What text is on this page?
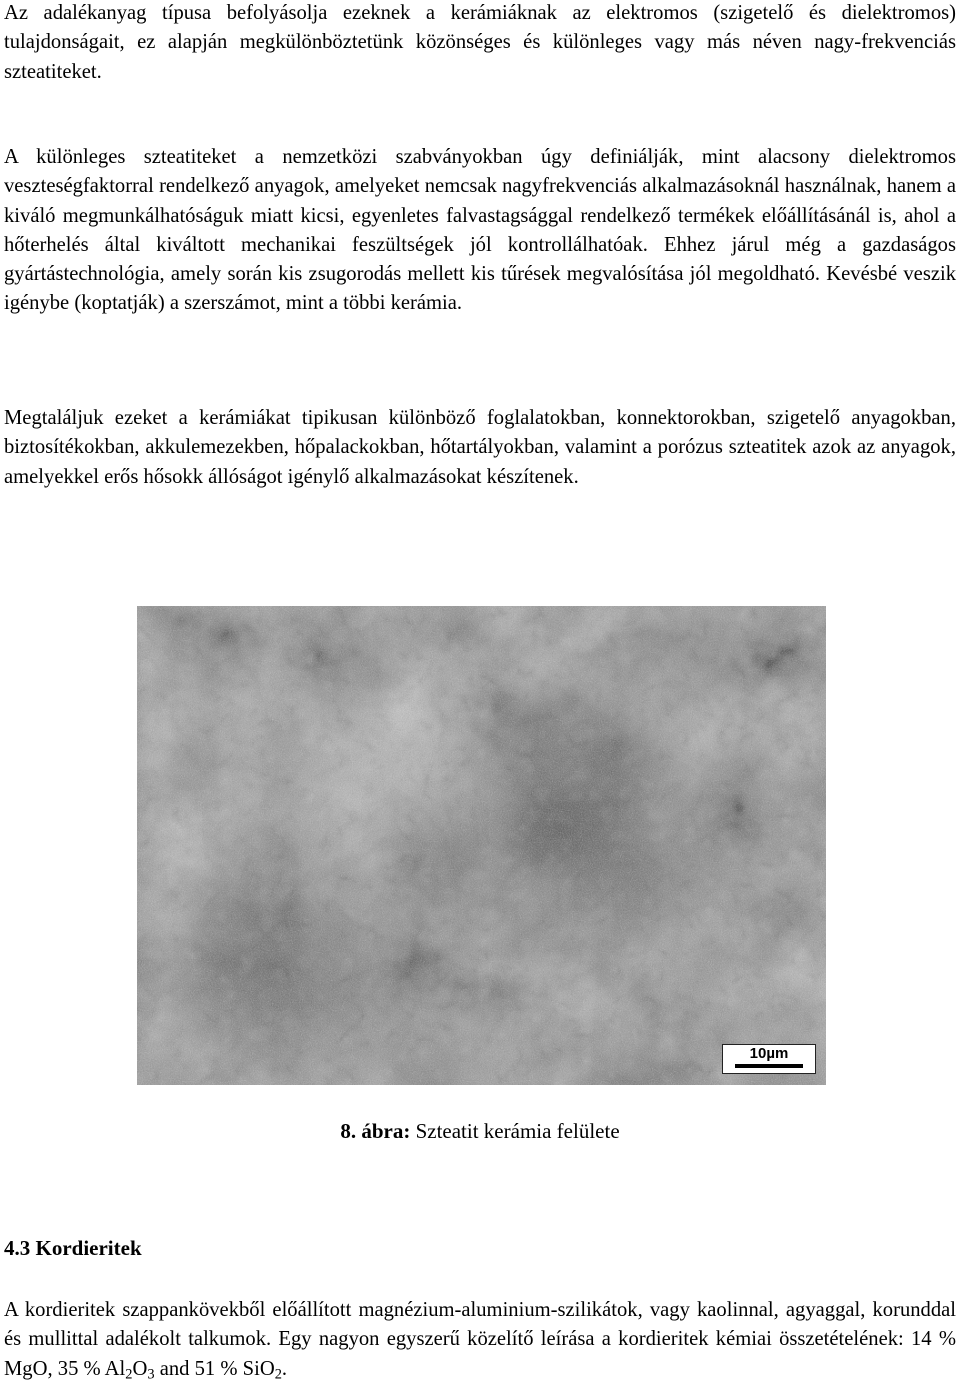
Az adalékanyag típusa befolyásolja ezeknek a kerámiáknak az elektromos (szigetelő és dielektromos) tulajdonságait, ez alapján megkülönböztetünk közönséges és különleges vagy más néven nagy-frekvenciás szteatiteket.

A különleges szteatiteket a nemzetközi szabványokban úgy definiálják, mint alacsony dielektromos veszteségfaktorral rendelkező anyagok, amelyeket nemcsak nagyfrekvenciás alkalmazásoknál használnak, hanem a kiváló megmunkálhatóságuk miatt kicsi, egyenletes falvastagsággal rendelkező termékek előállításánál is, ahol a hőterhelés által kiváltott mechanikai feszültségek jól kontrollálhatóak. Ehhez járul még a gazdaságos gyártástechnológia, amely során kis zsugorodás mellett kis tűrések megvalósítása jól megoldható. Kevésbé veszik igénybe (koptatják) a szerszámot, mint a többi kerámia.

Megtaláljuk ezeket a kerámiákat tipikusan különböző foglalatokban, konnektorokban, szigetelő anyagokban, biztosítékokban, akkulemezekben, hőpalackokban, hőtartályokban, valamint a porózus szteatitek azok az anyagok, amelyekkel erős hősokk állóságot igénylő alkalmazásokat készítenek.

10µm
8. ábra: Szteatit kerámia felülete
4.3 Kordieritek

A kordieritek szappankövekből előállított magnézium-aluminium-szilikátok, vagy kaolinnal, agyaggal, korunddal és mullittal adalékolt talkumok. Egy nagyon egyszerű közelítő leírása a kordieritek kémiai összetételének: 14 % MgO, 35 % $Al_2O_3$ and 51 % SiO$_2$.
